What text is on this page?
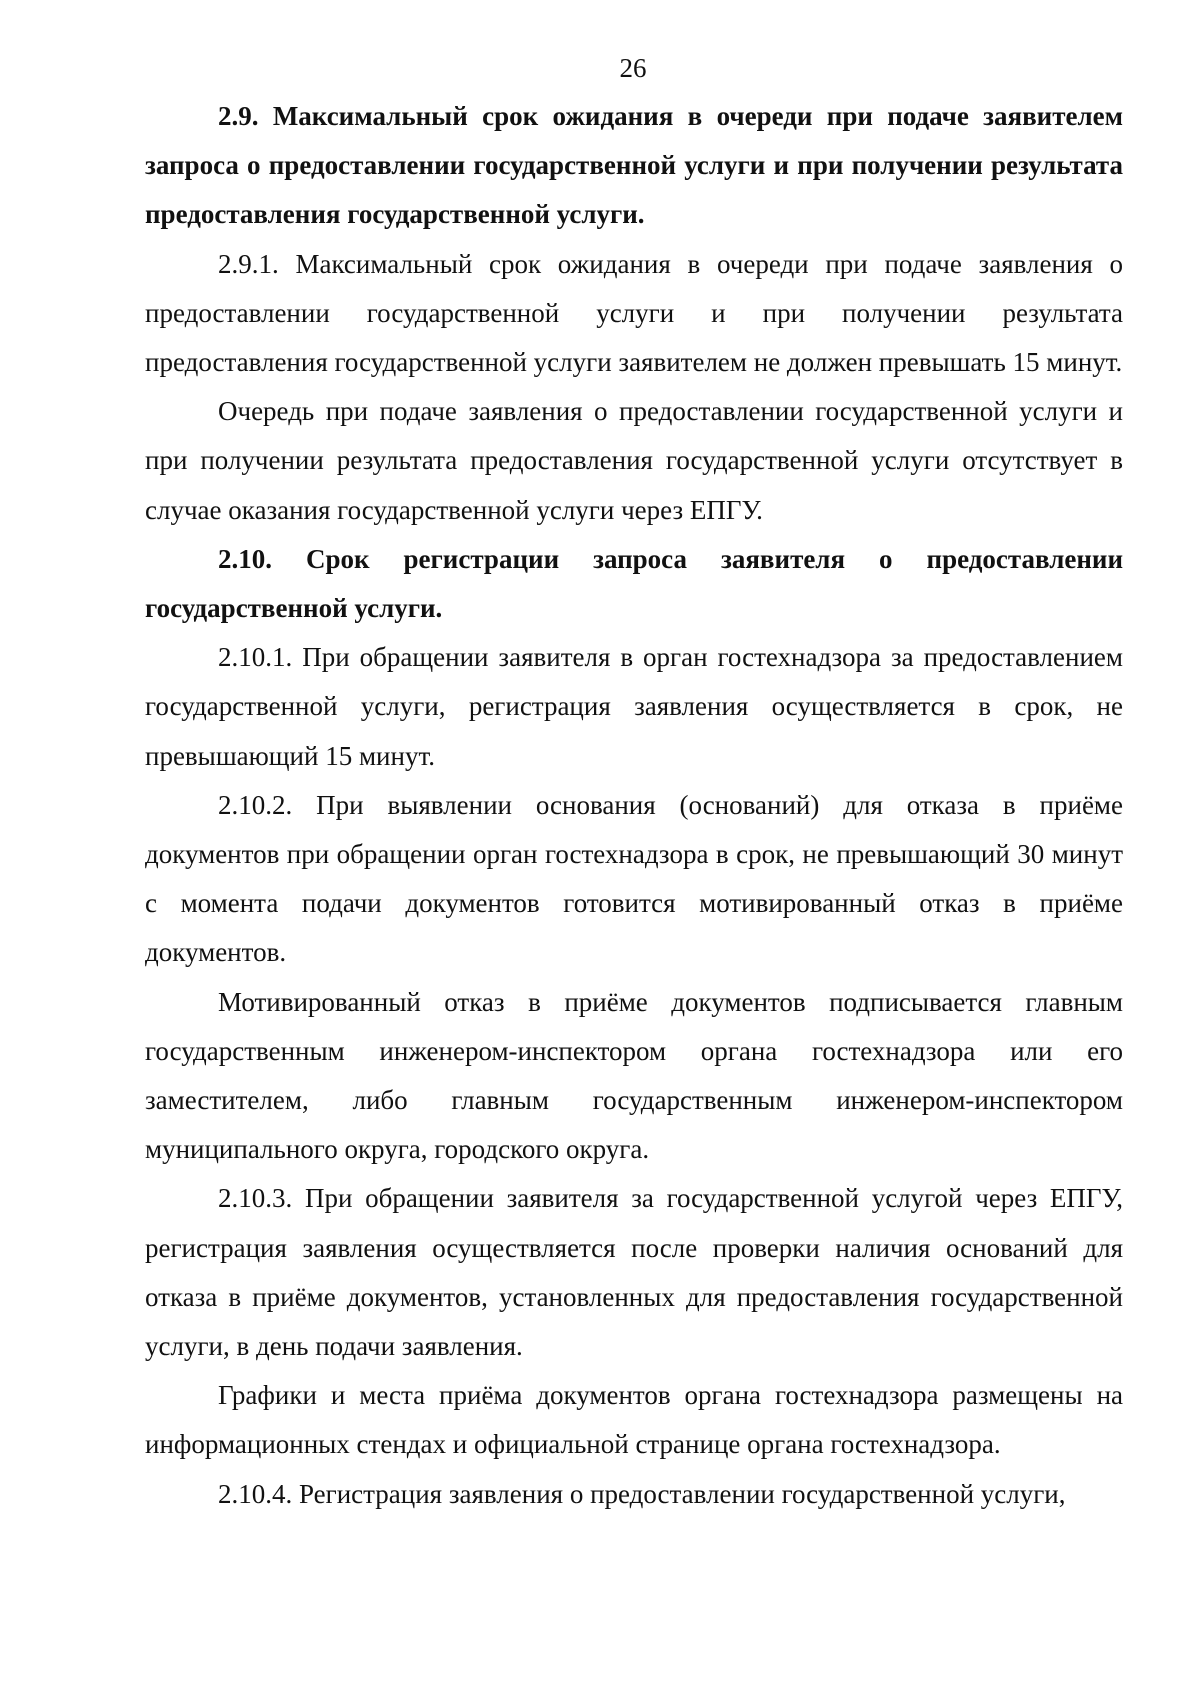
26

2.9. Максимальный срок ожидания в очереди при подаче заявителем запроса о предоставлении государственной услуги и при получении результата предоставления государственной услуги.

2.9.1. Максимальный срок ожидания в очереди при подаче заявления о предоставлении государственной услуги и при получении результата предоставления государственной услуги заявителем не должен превышать 15 минут.

Очередь при подаче заявления о предоставлении государственной услуги и при получении результата предоставления государственной услуги отсутствует в случае оказания государственной услуги через ЕПГУ.

2.10. Срок регистрации запроса заявителя о предоставлении государственной услуги.

2.10.1. При обращении заявителя в орган гостехнадзора за предоставлением государственной услуги, регистрация заявления осуществляется в срок, не превышающий 15 минут.

2.10.2. При выявлении основания (оснований) для отказа в приёме документов при обращении орган гостехнадзора в срок, не превышающий 30 минут с момента подачи документов готовится мотивированный отказ в приёме документов.

Мотивированный отказ в приёме документов подписывается главным государственным инженером-инспектором органа гостехнадзора или его заместителем, либо главным государственным инженером-инспектором муниципального округа, городского округа.

2.10.3. При обращении заявителя за государственной услугой через ЕПГУ, регистрация заявления осуществляется после проверки наличия оснований для отказа в приёме документов, установленных для предоставления государственной услуги, в день подачи заявления.

Графики и места приёма документов органа гостехнадзора размещены на информационных стендах и официальной странице органа гостехнадзора.

2.10.4. Регистрация заявления о предоставлении государственной услуги,
